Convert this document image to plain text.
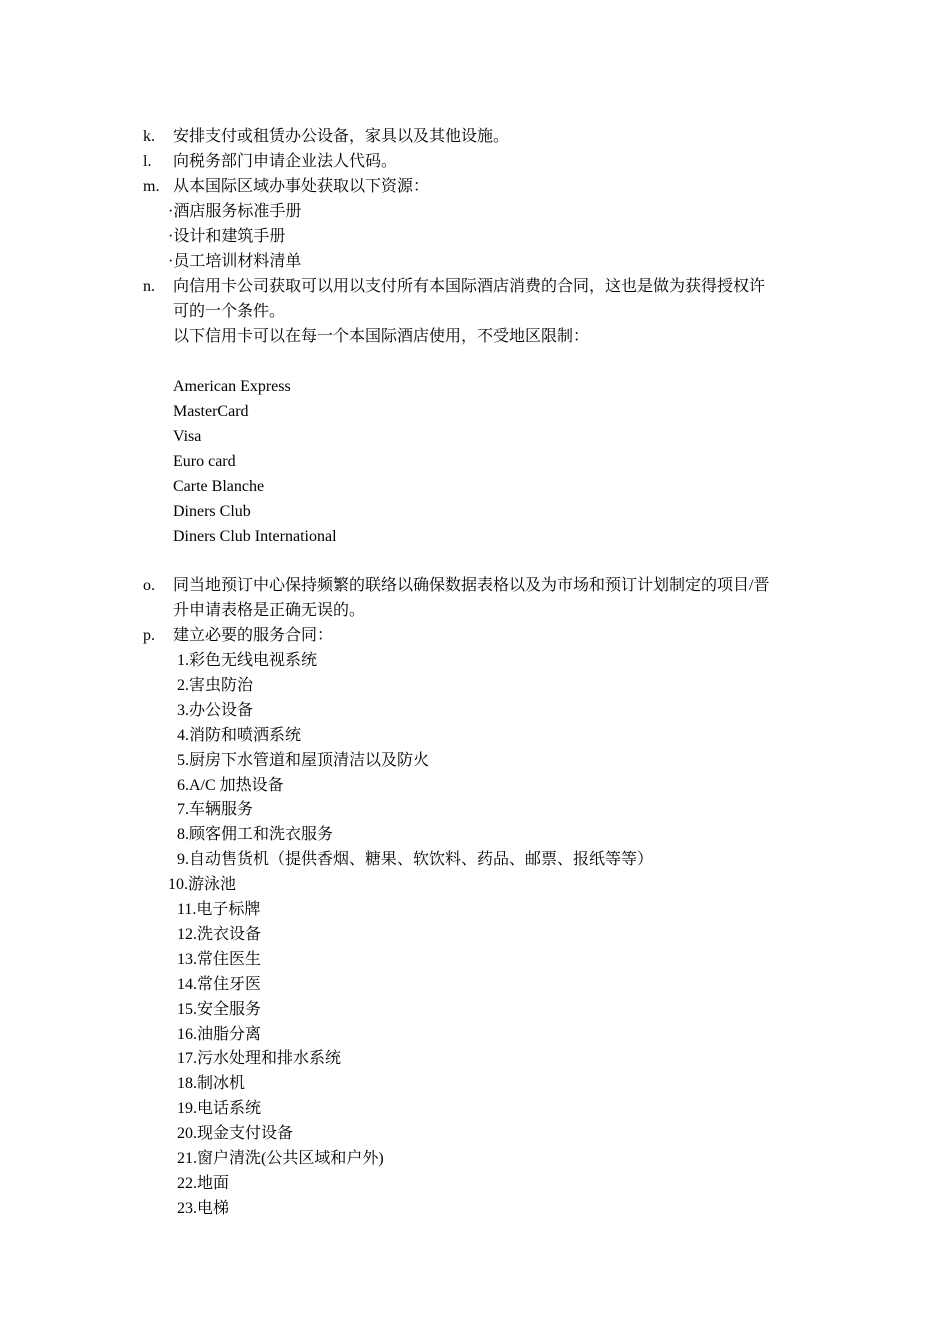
k. 安排支付或租赁办公设备，家具以及其他设施。
l. 向税务部门申请企业法人代码。
m. 从本国际区域办事处获取以下资源：
·酒店服务标准手册
·设计和建筑手册
·员工培训材料清单
n. 向信用卡公司获取可以用以支付所有本国际酒店消费的合同，这也是做为获得授权许
可的一个条件。
以下信用卡可以在每一个本国际酒店使用，不受地区限制：
American Express
MasterCard
Visa
Euro card
Carte Blanche
Diners Club
Diners Club International
o. 同当地预订中心保持频繁的联络以确保数据表格以及为市场和预订计划制定的项目/晋
升申请表格是正确无误的。
p. 建立必要的服务合同：
1.彩色无线电视系统
2.害虫防治
3.办公设备
4.消防和喷洒系统
5.厨房下水管道和屋顶清洁以及防火
6.A/C 加热设备
7.车辆服务
8.顾客佣工和洗衣服务
9.自动售货机（提供香烟、糖果、软饮料、药品、邮票、报纸等等）
10.游泳池
11.电子标牌
12.洗衣设备
13.常住医生
14.常住牙医
15.安全服务
16.油脂分离
17.污水处理和排水系统
18.制冰机
19.电话系统
20.现金支付设备
21.窗户清洗(公共区域和户外)
22.地面
23.电梯
